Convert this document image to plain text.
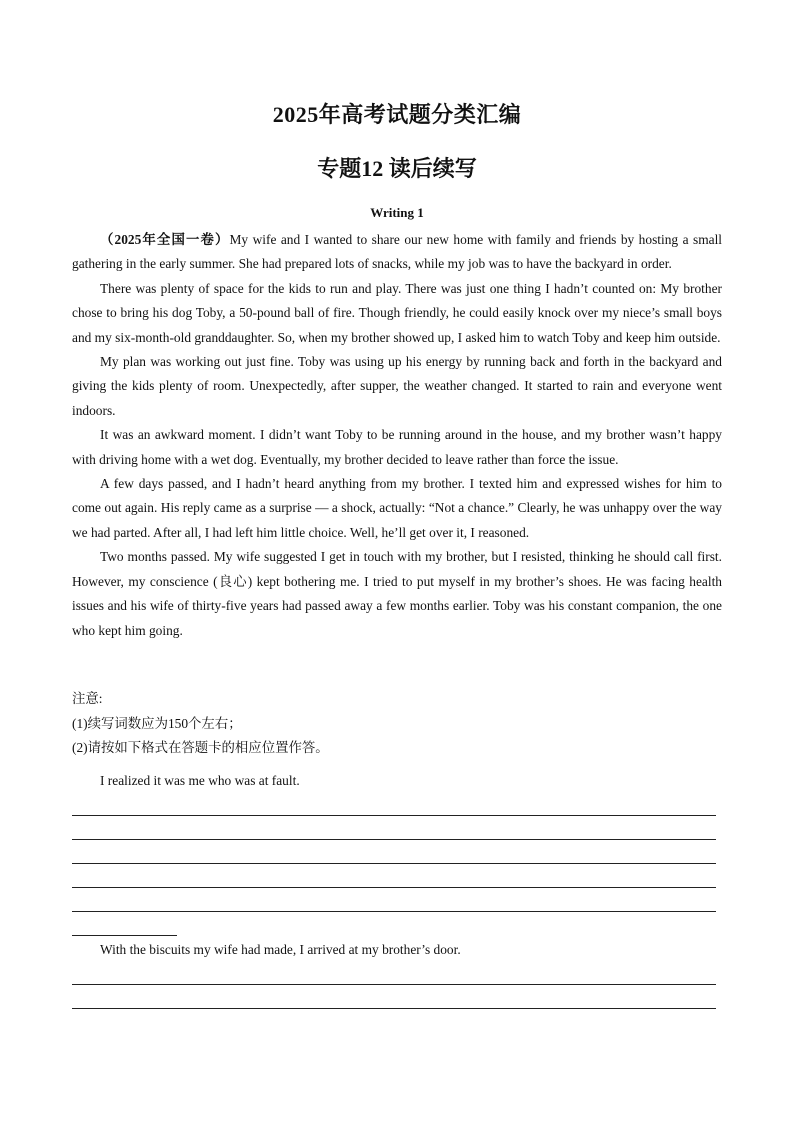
2025年高考试题分类汇编
专题12 读后续写
Writing 1

（2025年全国一卷）My wife and I wanted to share our new home with family and friends by hosting a small gathering in the early summer. She had prepared lots of snacks, while my job was to have the backyard in order.

There was plenty of space for the kids to run and play. There was just one thing I hadn’t counted on: My brother chose to bring his dog Toby, a 50-pound ball of fire. Though friendly, he could easily knock over my niece’s small boys and my six-month-old granddaughter. So, when my brother showed up, I asked him to watch Toby and keep him outside.

My plan was working out just fine. Toby was using up his energy by running back and forth in the backyard and giving the kids plenty of room. Unexpectedly, after supper, the weather changed. It started to rain and everyone went indoors.

It was an awkward moment. I didn’t want Toby to be running around in the house, and my brother wasn’t happy with driving home with a wet dog. Eventually, my brother decided to leave rather than force the issue.

A few days passed, and I hadn’t heard anything from my brother. I texted him and expressed wishes for him to come out again. His reply came as a surprise — a shock, actually: “Not a chance.” Clearly, he was unhappy over the way we had parted. After all, I had left him little choice. Well, he’ll get over it, I reasoned.

Two months passed. My wife suggested I get in touch with my brother, but I resisted, thinking he should call first. However, my conscience (良心) kept bothering me. I tried to put myself in my brother’s shoes. He was facing health issues and his wife of thirty-five years had passed away a few months earlier. Toby was his constant companion, the one who kept him going.

注意:
(1)续写词数应为150个左右；
(2)请按如下格式在答题卡的相应位置作答。
I realized it was me who was at fault.
With the biscuits my wife had made, I arrived at my brother’s door.
